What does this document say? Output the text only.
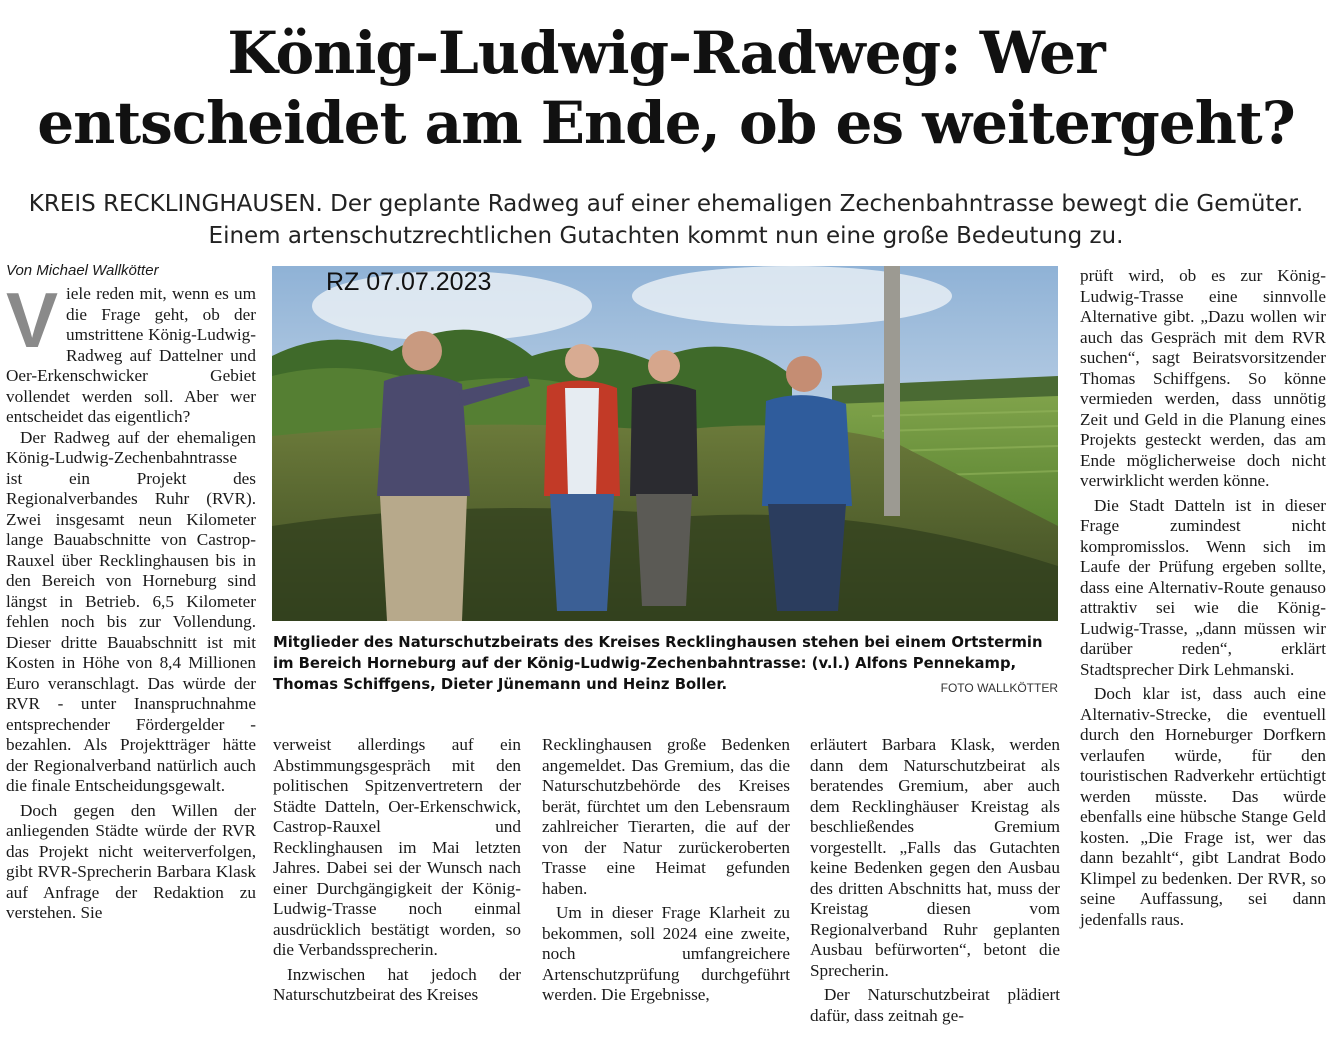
König-Ludwig-Radweg: Wer
entscheidet am Ende, ob es weitergeht?
KREIS RECKLINGHAUSEN. Der geplante Radweg auf einer ehemaligen Zechenbahntrasse bewegt die Gemüter.
Einem artenschutzrechtlichen Gutachten kommt nun eine große Bedeutung zu.
Von Michael Wallkötter

Viele reden mit, wenn es um die Frage geht, ob der umstrittene König-Ludwig-Radweg auf Dattelner und Oer-Erkenschwicker Gebiet vollendet werden soll. Aber wer entscheidet das eigentlich?

Der Radweg auf der ehemaligen König-Ludwig-Zechenbahntrasse ist ein Projekt des Regionalverbandes Ruhr (RVR). Zwei insgesamt neun Kilometer lange Bauabschnitte von Castrop-Rauxel über Recklinghausen bis in den Bereich von Horneburg sind längst in Betrieb. 6,5 Kilometer fehlen noch bis zur Vollendung. Dieser dritte Bauabschnitt ist mit Kosten in Höhe von 8,4 Millionen Euro veranschlagt. Das würde der RVR - unter Inanspruchnahme entsprechender Fördergelder - bezahlen. Als Projektträger hätte der Regionalverband natürlich auch die finale Entscheidungsgewalt.

Doch gegen den Willen der anliegenden Städte würde der RVR das Projekt nicht weiterverfolgen, gibt RVR-Sprecherin Barbara Klask auf Anfrage der Redaktion zu verstehen. Sie

RZ 07.07.2023
Mitglieder des Naturschutzbeirats des Kreises Recklinghausen stehen bei einem Ortstermin im Bereich Horneburg auf der König-Ludwig-Zechenbahntrasse: (v.l.) Alfons Pennekamp, Thomas Schiffgens, Dieter Jünemann und Heinz Boller.	FOTO WALLKÖTTER

verweist allerdings auf ein Abstimmungsgespräch mit den politischen Spitzenvertretern der Städte Datteln, Oer-Erkenschwick, Castrop-Rauxel und Recklinghausen im Mai letzten Jahres. Dabei sei der Wunsch nach einer Durchgängigkeit der König-Ludwig-Trasse noch einmal ausdrücklich bestätigt worden, so die Verbandssprecherin.

Inzwischen hat jedoch der Naturschutzbeirat des Kreises

Recklinghausen große Bedenken angemeldet. Das Gremium, das die Naturschutzbehörde des Kreises berät, fürchtet um den Lebensraum zahlreicher Tierarten, die auf der von der Natur zurückeroberten Trasse eine Heimat gefunden haben.

Um in dieser Frage Klarheit zu bekommen, soll 2024 eine zweite, noch umfangreichere Artenschutzprüfung durchgeführt werden. Die Ergebnisse,

erläutert Barbara Klask, werden dann dem Naturschutzbeirat als beratendes Gremium, aber auch dem Recklinghäuser Kreistag als beschließendes Gremium vorgestellt. „Falls das Gutachten keine Bedenken gegen den Ausbau des dritten Abschnitts hat, muss der Kreistag diesen vom Regionalverband Ruhr geplanten Ausbau befürworten“, betont die Sprecherin.

Der Naturschutzbeirat plädiert dafür, dass zeitnah ge-

prüft wird, ob es zur König-Ludwig-Trasse eine sinnvolle Alternative gibt. „Dazu wollen wir auch das Gespräch mit dem RVR suchen“, sagt Beiratsvorsitzender Thomas Schiffgens. So könne vermieden werden, dass unnötig Zeit und Geld in die Planung eines Projekts gesteckt werden, das am Ende möglicherweise doch nicht verwirklicht werden könne.

Die Stadt Datteln ist in dieser Frage zumindest nicht kompromisslos. Wenn sich im Laufe der Prüfung ergeben sollte, dass eine Alternativ-Route genauso attraktiv sei wie die König-Ludwig-Trasse, „dann müssen wir darüber reden“, erklärt Stadtsprecher Dirk Lehmanski.

Doch klar ist, dass auch eine Alternativ-Strecke, die eventuell durch den Horneburger Dorfkern verlaufen würde, für den touristischen Radverkehr ertüchtigt werden müsste. Das würde ebenfalls eine hübsche Stange Geld kosten. „Die Frage ist, wer das dann bezahlt“, gibt Landrat Bodo Klimpel zu bedenken. Der RVR, so seine Auffassung, sei dann jedenfalls raus.
